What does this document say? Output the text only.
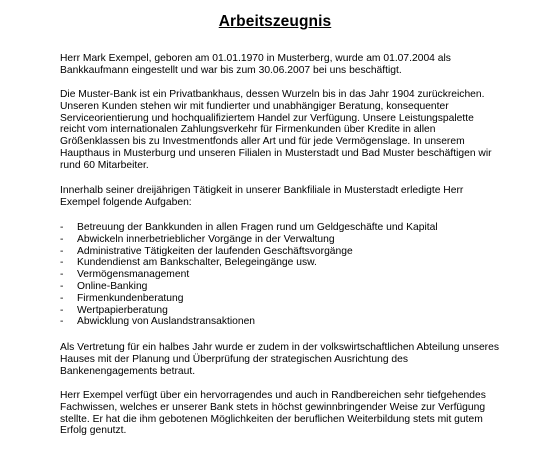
Arbeitszeugnis
Herr Mark Exempel, geboren am 01.01.1970 in Musterberg, wurde am 01.07.2004 als Bankkaufmann eingestellt und war bis zum 30.06.2007 bei uns beschäftigt.
Die Muster-Bank ist ein Privatbankhaus, dessen Wurzeln bis in das Jahr 1904 zurückreichen. Unseren Kunden stehen wir mit fundierter und unabhängiger Beratung, konsequenter Serviceorientierung und hochqualifiziertem Handel zur Verfügung. Unsere Leistungspalette reicht vom internationalen Zahlungsverkehr für Firmenkunden über Kredite in allen Größenklassen bis zu Investmentfonds aller Art und für jede Vermögenslage. In unserem Haupthaus in Musterburg und unseren Filialen in Musterstadt und Bad Muster beschäftigen wir rund 60 Mitarbeiter.
Innerhalb seiner dreijährigen Tätigkeit in unserer Bankfiliale in Musterstadt erledigte Herr Exempel folgende Aufgaben:
- Betreuung der Bankkunden in allen Fragen rund um Geldgeschäfte und Kapital
- Abwickeln innerbetrieblicher Vorgänge in der Verwaltung
- Administrative Tätigkeiten der laufenden Geschäftsvorgänge
- Kundendienst am Bankschalter, Belegeingänge usw.
- Vermögensmanagement
- Online-Banking
- Firmenkundenberatung
- Wertpapierberatung
- Abwicklung von Auslandstransaktionen
Als Vertretung für ein halbes Jahr wurde er zudem in der volkswirtschaftlichen Abteilung unseres Hauses mit der Planung und Überprüfung der strategischen Ausrichtung des Bankenengagements betraut.
Herr Exempel verfügt über ein hervorragendes und auch in Randbereichen sehr tiefgehendes Fachwissen, welches er unserer Bank stets in höchst gewinnbringender Weise zur Verfügung stellte. Er hat die ihm gebotenen Möglichkeiten der beruflichen Weiterbildung stets mit gutem Erfolg genutzt.
